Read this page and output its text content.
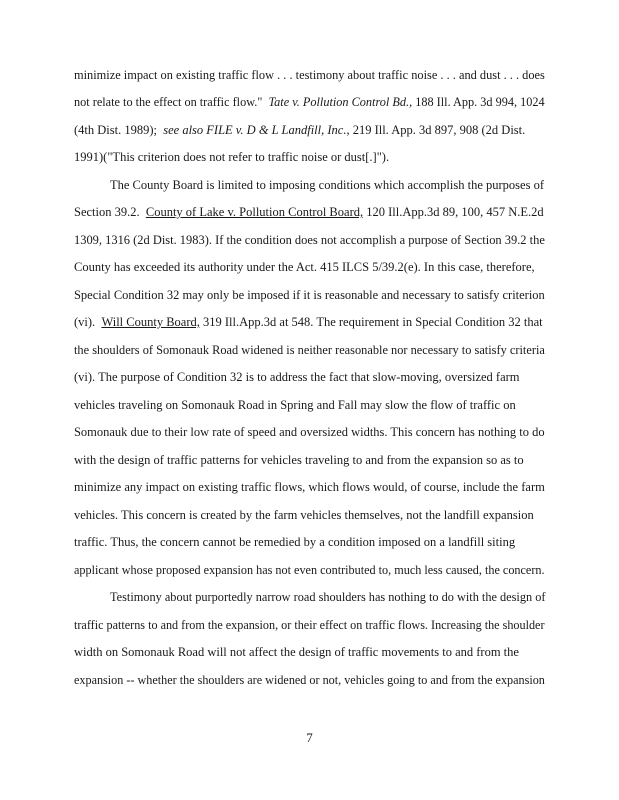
minimize impact on existing traffic flow . . . testimony about traffic noise . . . and dust . . . does
not relate to the effect on traffic flow." Tate v. Pollution Control Bd., 188 Ill. App. 3d 994, 1024
(4th Dist. 1989); see also FILE v. D & L Landfill, Inc., 219 Ill. App. 3d 897, 908 (2d Dist.
1991)("This criterion does not refer to traffic noise or dust[.]").
The County Board is limited to imposing conditions which accomplish the purposes of
Section 39.2. County of Lake v. Pollution Control Board, 120 Ill.App.3d 89, 100, 457 N.E.2d
1309, 1316 (2d Dist. 1983). If the condition does not accomplish a purpose of Section 39.2 the
County has exceeded its authority under the Act. 415 ILCS 5/39.2(e). In this case, therefore,
Special Condition 32 may only be imposed if it is reasonable and necessary to satisfy criterion
(vi). Will County Board, 319 Ill.App.3d at 548. The requirement in Special Condition 32 that
the shoulders of Somonauk Road widened is neither reasonable nor necessary to satisfy criteria
(vi). The purpose of Condition 32 is to address the fact that slow-moving, oversized farm
vehicles traveling on Somonauk Road in Spring and Fall may slow the flow of traffic on
Somonauk due to their low rate of speed and oversized widths. This concern has nothing to do
with the design of traffic patterns for vehicles traveling to and from the expansion so as to
minimize any impact on existing traffic flows, which flows would, of course, include the farm
vehicles. This concern is created by the farm vehicles themselves, not the landfill expansion
traffic. Thus, the concern cannot be remedied by a condition imposed on a landfill siting
applicant whose proposed expansion has not even contributed to, much less caused, the concern.
Testimony about purportedly narrow road shoulders has nothing to do with the design of
traffic patterns to and from the expansion, or their effect on traffic flows. Increasing the shoulder
width on Somonauk Road will not affect the design of traffic movements to and from the
expansion -- whether the shoulders are widened or not, vehicles going to and from the expansion
7
